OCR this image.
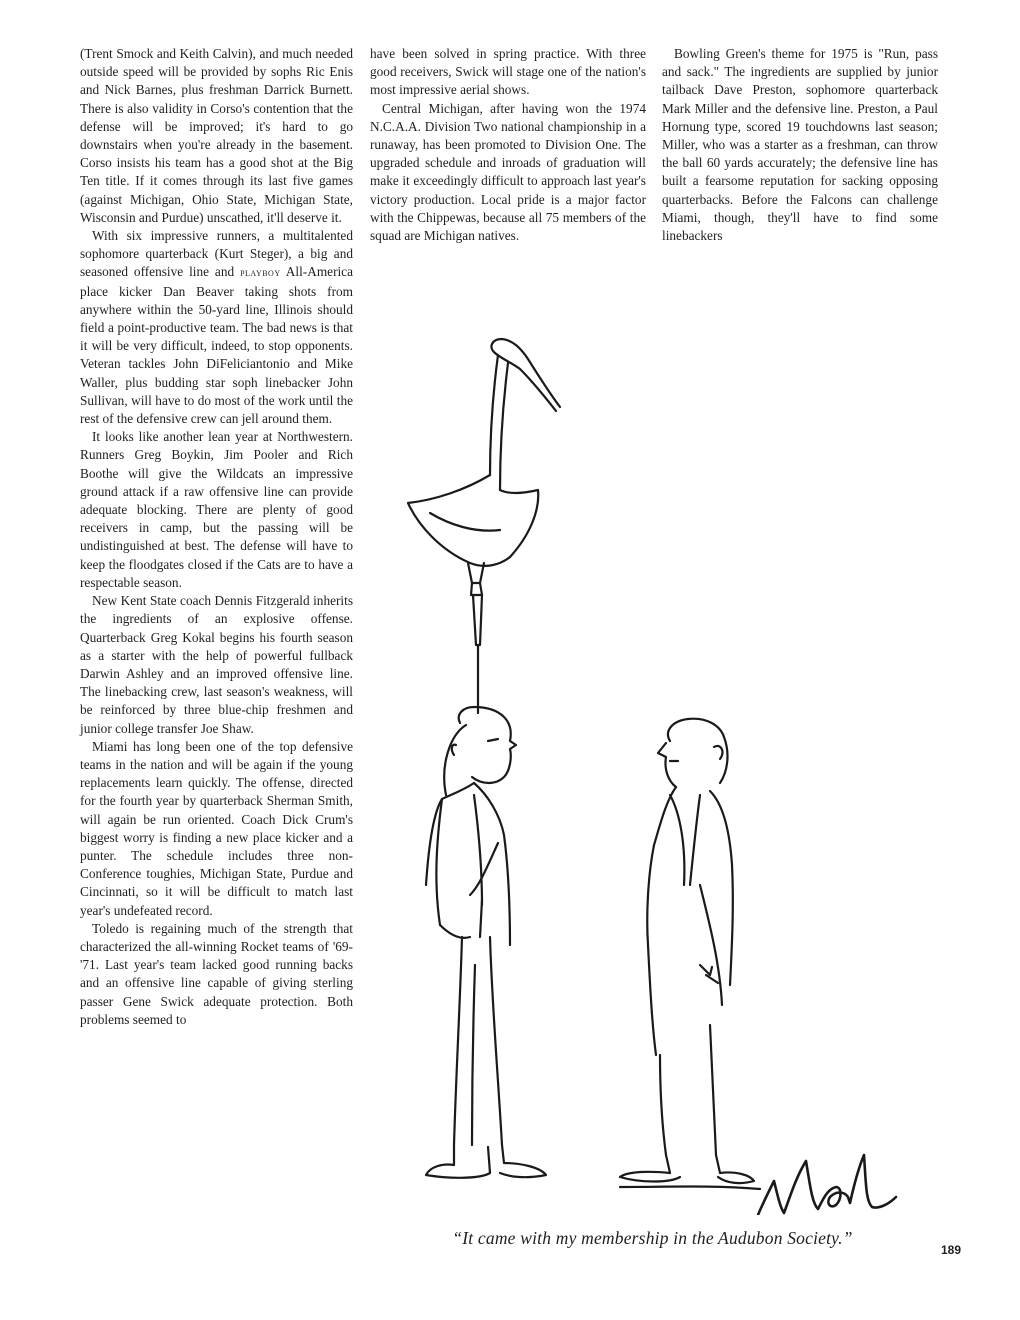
(Trent Smock and Keith Calvin), and much needed outside speed will be provided by sophs Ric Enis and Nick Barnes, plus freshman Darrick Burnett. There is also validity in Corso's contention that the defense will be improved; it's hard to go downstairs when you're already in the basement. Corso insists his team has a good shot at the Big Ten title. If it comes through its last five games (against Michigan, Ohio State, Michigan State, Wisconsin and Purdue) unscathed, it'll deserve it.

With six impressive runners, a multitalented sophomore quarterback (Kurt Steger), a big and seasoned offensive line and playboy All-America place kicker Dan Beaver taking shots from anywhere within the 50-yard line, Illinois should field a point-productive team. The bad news is that it will be very difficult, indeed, to stop opponents. Veteran tackles John DiFeliciantonio and Mike Waller, plus budding star soph linebacker John Sullivan, will have to do most of the work until the rest of the defensive crew can jell around them.

It looks like another lean year at Northwestern. Runners Greg Boykin, Jim Pooler and Rich Boothe will give the Wildcats an impressive ground attack if a raw offensive line can provide adequate blocking. There are plenty of good receivers in camp, but the passing will be undistinguished at best. The defense will have to keep the floodgates closed if the Cats are to have a respectable season.

New Kent State coach Dennis Fitzgerald inherits the ingredients of an explosive offense. Quarterback Greg Kokal begins his fourth season as a starter with the help of powerful fullback Darwin Ashley and an improved offensive line. The linebacking crew, last season's weakness, will be reinforced by three blue-chip freshmen and junior college transfer Joe Shaw.

Miami has long been one of the top defensive teams in the nation and will be again if the young replacements learn quickly. The offense, directed for the fourth year by quarterback Sherman Smith, will again be run oriented. Coach Dick Crum's biggest worry is finding a new place kicker and a punter. The schedule includes three non-Conference toughies, Michigan State, Purdue and Cincinnati, so it will be difficult to match last year's undefeated record.

Toledo is regaining much of the strength that characterized the all-winning Rocket teams of '69-'71. Last year's team lacked good running backs and an offensive line capable of giving sterling passer Gene Swick adequate protection. Both problems seemed to

have been solved in spring practice. With three good receivers, Swick will stage one of the nation's most impressive aerial shows.

Central Michigan, after having won the 1974 N.C.A.A. Division Two national championship in a runaway, has been promoted to Division One. The upgraded schedule and inroads of graduation will make it exceedingly difficult to approach last year's victory production. Local pride is a major factor with the Chippewas, because all 75 members of the squad are Michigan natives.

Bowling Green's theme for 1975 is "Run, pass and sack." The ingredients are supplied by junior tailback Dave Preston, sophomore quarterback Mark Miller and the defensive line. Preston, a Paul Hornung type, scored 19 touchdowns last season; Miller, who was a starter as a freshman, can throw the ball 60 yards accurately; the defensive line has built a fearsome reputation for sacking opposing quarterbacks. Before the Falcons can challenge Miami, though, they'll have to find some linebackers

“It came with my membership in the Audubon Society.”
189
